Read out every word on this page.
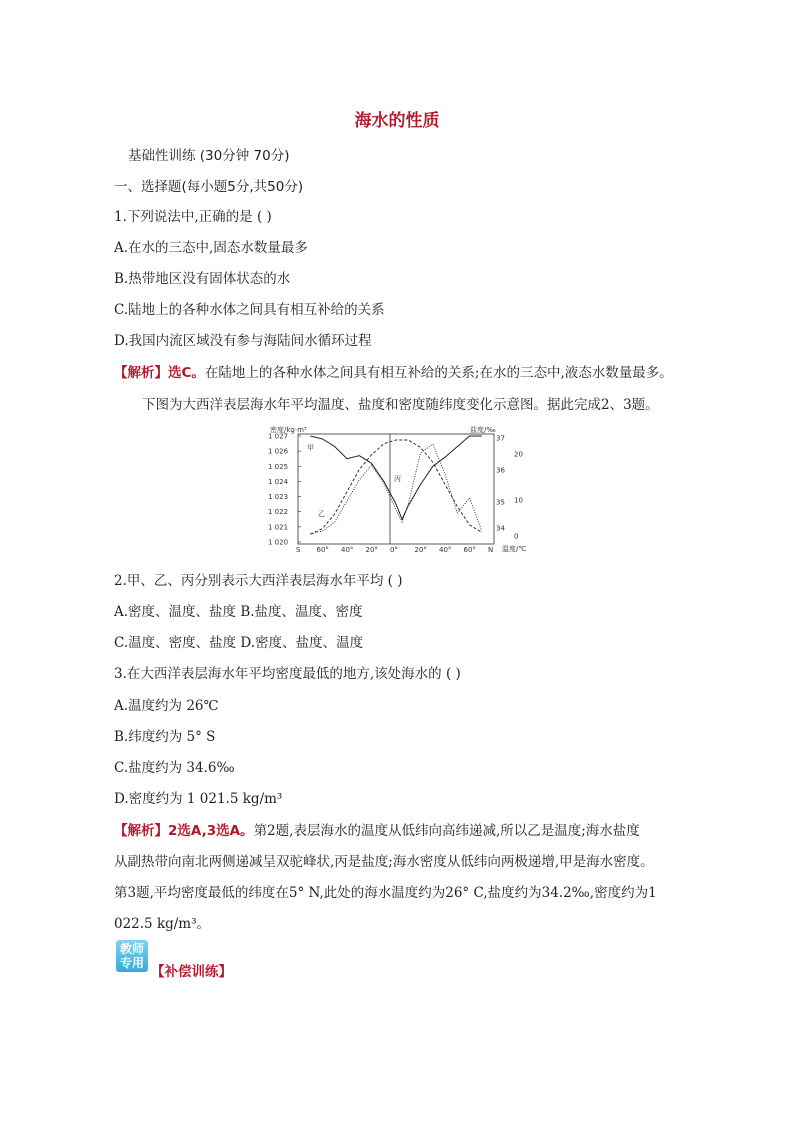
海水的性质
基础性训练 (30分钟 70分)
一、选择题(每小题5分,共50分)
1.下列说法中,正确的是 ( )
A.在水的三态中,固态水数量最多
B.热带地区没有固体状态的水
C.陆地上的各种水体之间具有相互补给的关系
D.我国内流区域没有参与海陆间水循环过程
【解析】选C。在陆地上的各种水体之间具有相互补给的关系;在水的三态中,液态水数量最多。
下图为大西洋表层海水年平均温度、盐度和密度随纬度变化示意图。据此完成2、3题。
密度/kg·m³	盐度/‰
1 027
1 026
1 025
1 024
1 023
1 022
1 021
1 020
37
36
35
34
20
10
0
S 60° 40° 20° 0° 20° 40° 60° N 温度/℃
甲
乙
丙
2.甲、乙、丙分别表示大西洋表层海水年平均 ( )
A.密度、温度、盐度 B.盐度、温度、密度
C.温度、密度、盐度 D.密度、盐度、温度
3.在大西洋表层海水年平均密度最低的地方,该处海水的 ( )
A.温度约为 26℃
B.纬度约为 5° S
C.盐度约为 34.6‰
D.密度约为 1 021.5 kg/m³
【解析】2选A,3选A。第2题,表层海水的温度从低纬向高纬递减,所以乙是温度;海水盐度
从副热带向南北两侧递减呈双驼峰状,丙是盐度;海水密度从低纬向两极递增,甲是海水密度。
第3题,平均密度最低的纬度在5° N,此处的海水温度约为26° C,盐度约为34.2‰,密度约为1
022.5 kg/m³。
教师
专用
【补偿训练】
